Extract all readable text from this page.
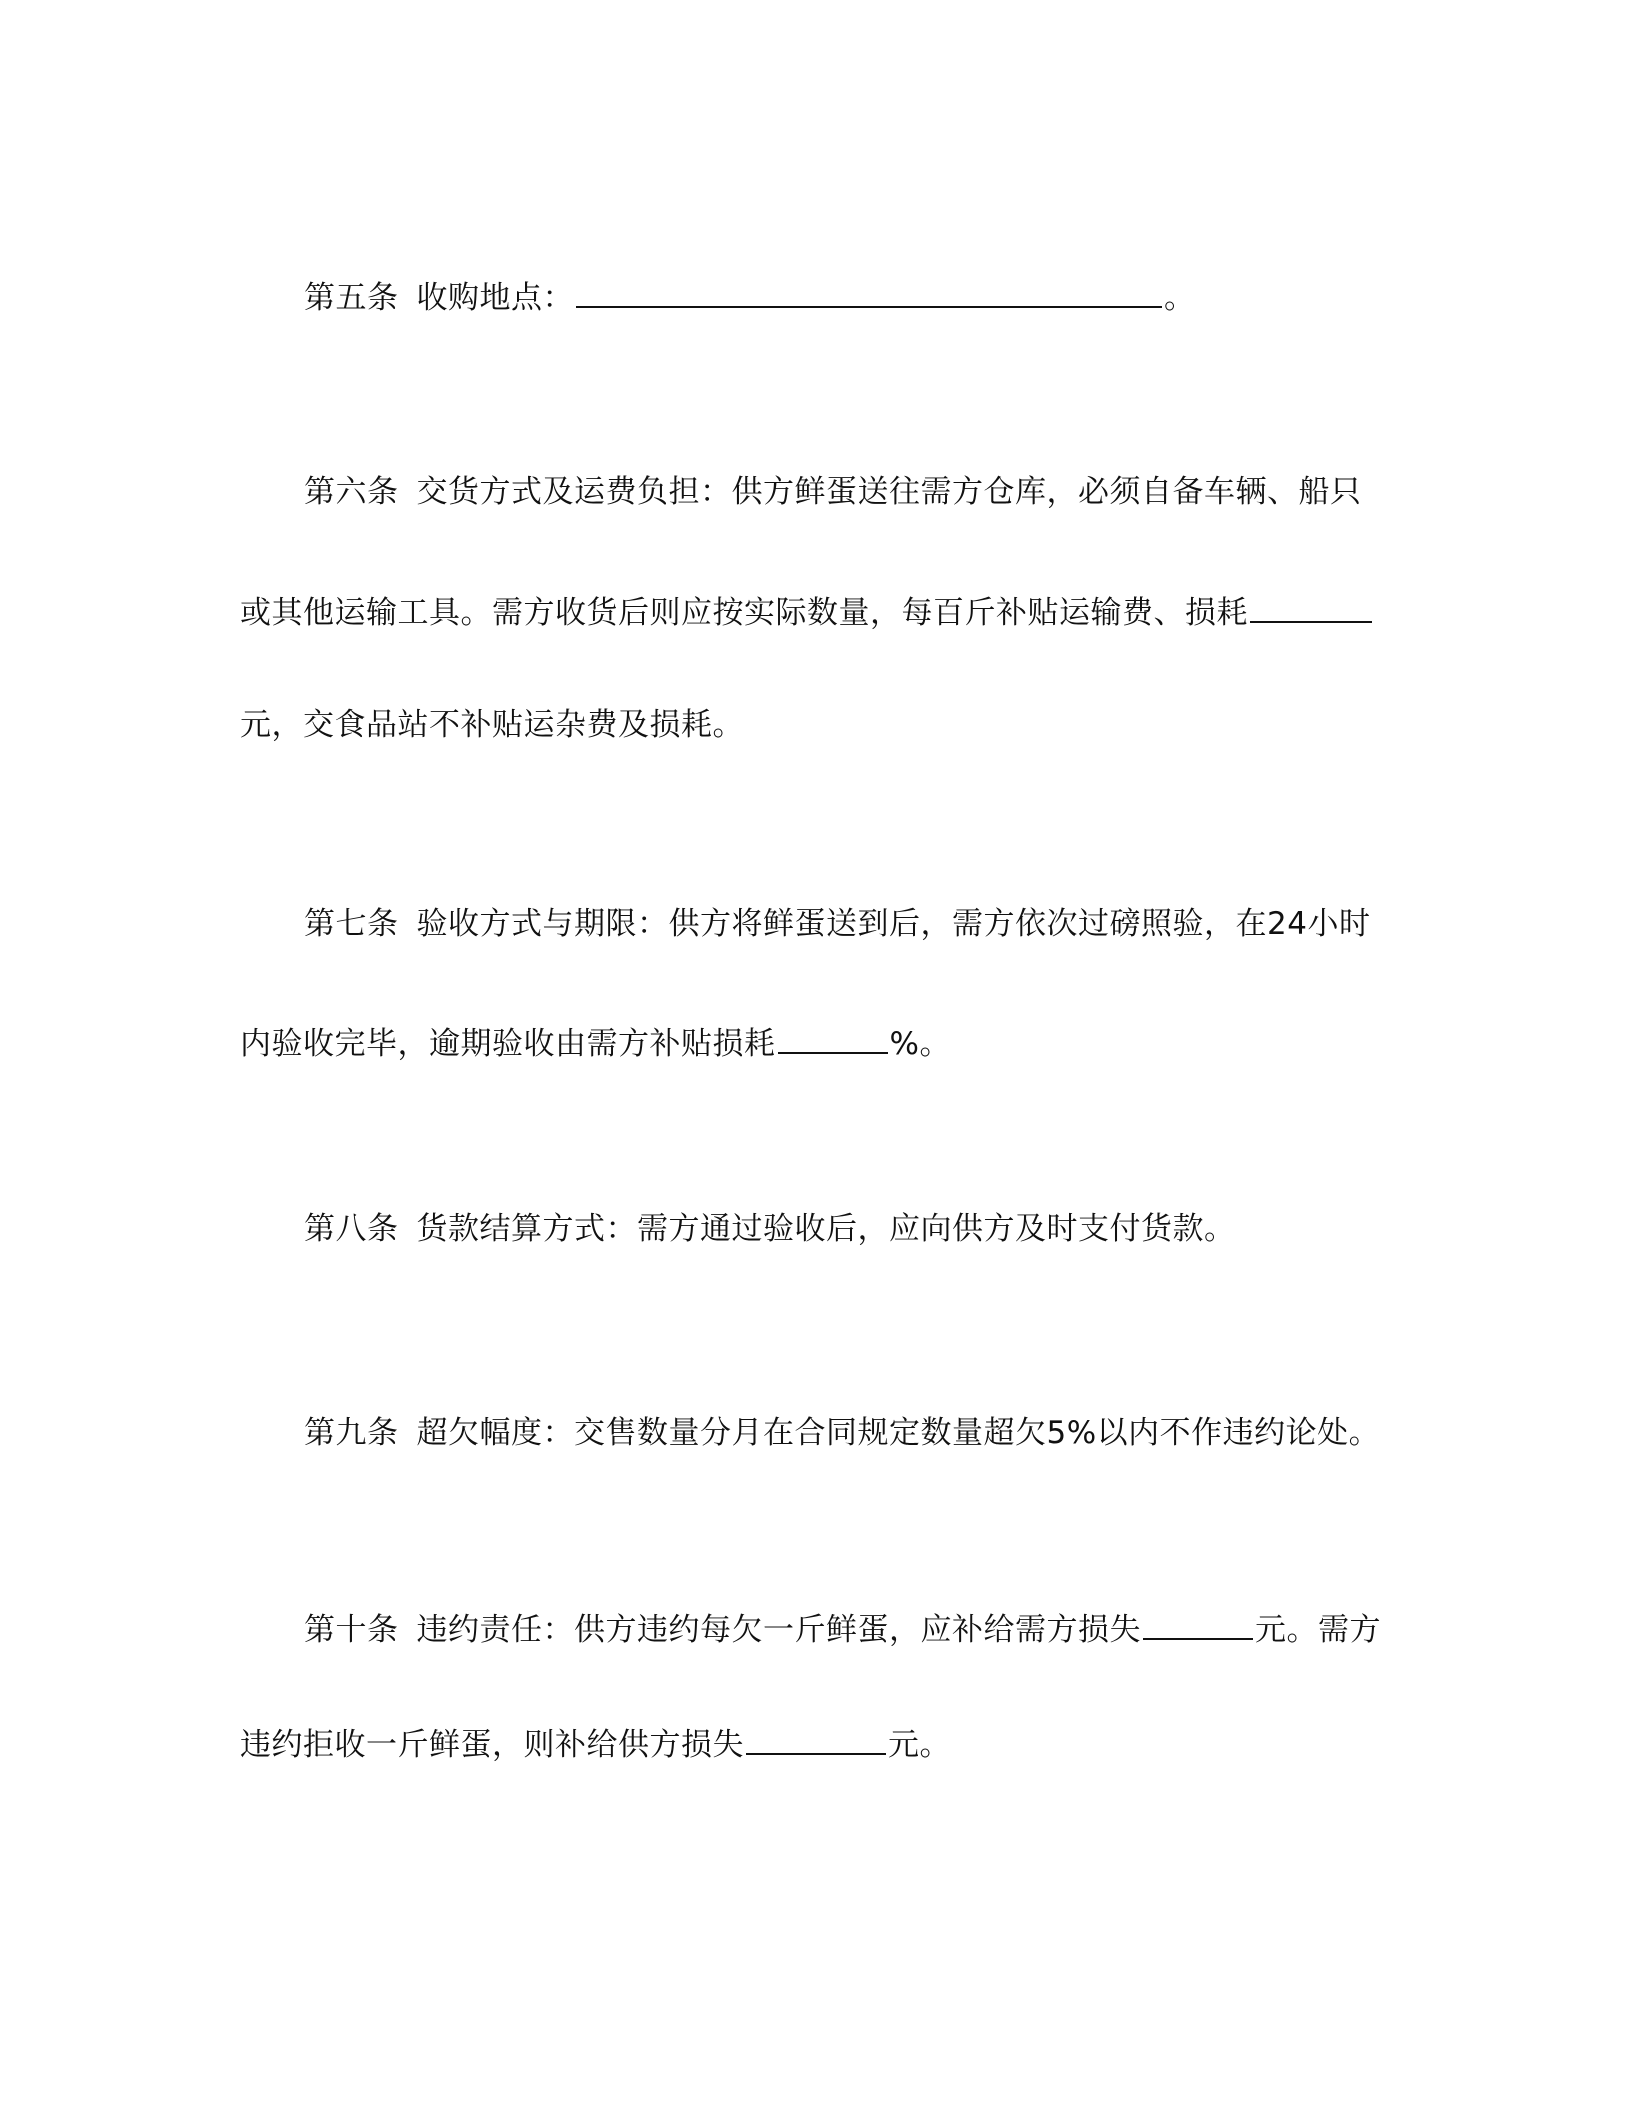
第五条 收购地点：	。
第六条 交货方式及运费负担：供方鲜蛋送往需方仓库，必须自备车辆、船只
或其他运输工具。需方收货后则应按实际数量，每百斤补贴运输费、损耗
元，交食品站不补贴运杂费及损耗。
第七条 验收方式与期限：供方将鲜蛋送到后，需方依次过磅照验，在24小时
内验收完毕，逾期验收由需方补贴损耗	%。
第八条 货款结算方式：需方通过验收后，应向供方及时支付货款。
第九条 超欠幅度：交售数量分月在合同规定数量超欠5%以内不作违约论处。
第十条 违约责任：供方违约每欠一斤鲜蛋，应补给需方损失	元。需方
违约拒收一斤鲜蛋，则补给供方损失	元。
